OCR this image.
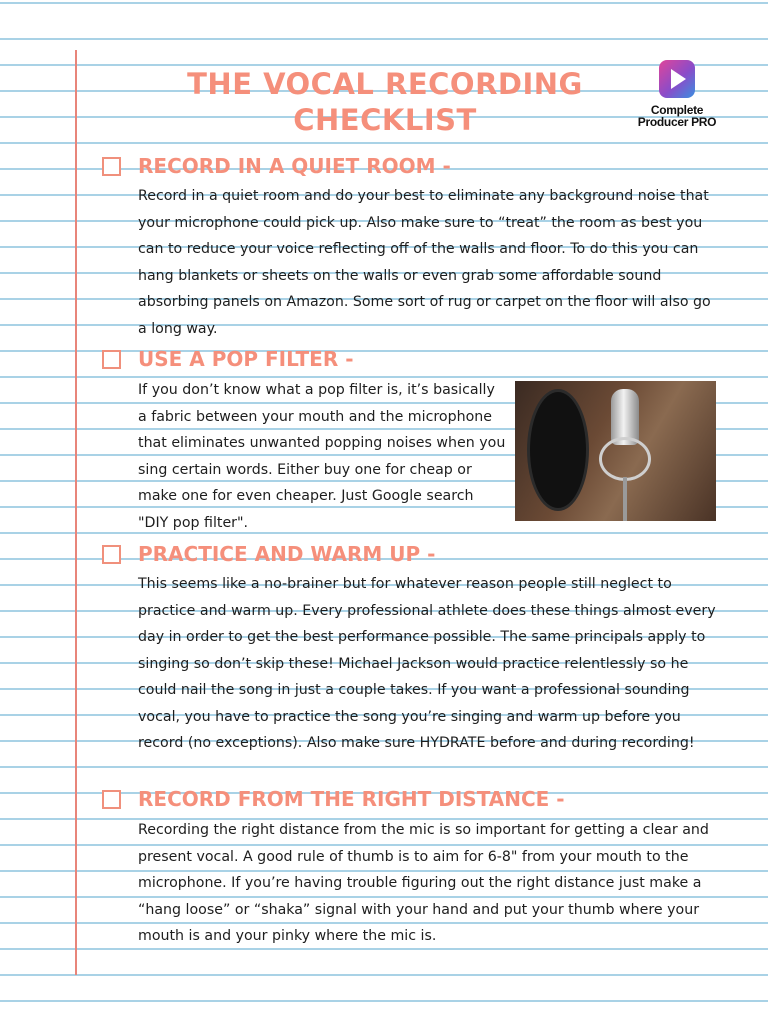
THE VOCAL RECORDING CHECKLIST	Complete
Producer PRO
RECORD IN A QUIET ROOM -
Record in a quiet room and do your best to eliminate any background noise that your microphone could pick up. Also make sure to “treat” the room as best you can to reduce your voice reflecting off of the walls and floor. To do this you can hang blankets or sheets on the walls or even grab some affordable sound absorbing panels on Amazon. Some sort of rug or carpet on the floor will also go a long way.
USE A POP FILTER -
If you don’t know what a pop filter is, it’s basically a fabric between your mouth and the microphone that eliminates unwanted popping noises when you sing certain words. Either buy one for cheap or make one for even cheaper. Just Google search "DIY pop filter".
PRACTICE AND WARM UP -
This seems like a no-brainer but for whatever reason people still neglect to practice and warm up. Every professional athlete does these things almost every day in order to get the best performance possible. The same principals apply to singing so don’t skip these! Michael Jackson would practice relentlessly so he could nail the song in just a couple takes. If you want a professional sounding vocal, you have to practice the song you’re singing and warm up before you record (no exceptions). Also make sure HYDRATE before and during recording!
RECORD FROM THE RIGHT DISTANCE -
Recording the right distance from the mic is so important for getting a clear and present vocal. A good rule of thumb is to aim for 6-8" from your mouth to the microphone. If you’re having trouble figuring out the right distance just make a “hang loose” or “shaka” signal with your hand and put your thumb where your mouth is and your pinky where the mic is.
